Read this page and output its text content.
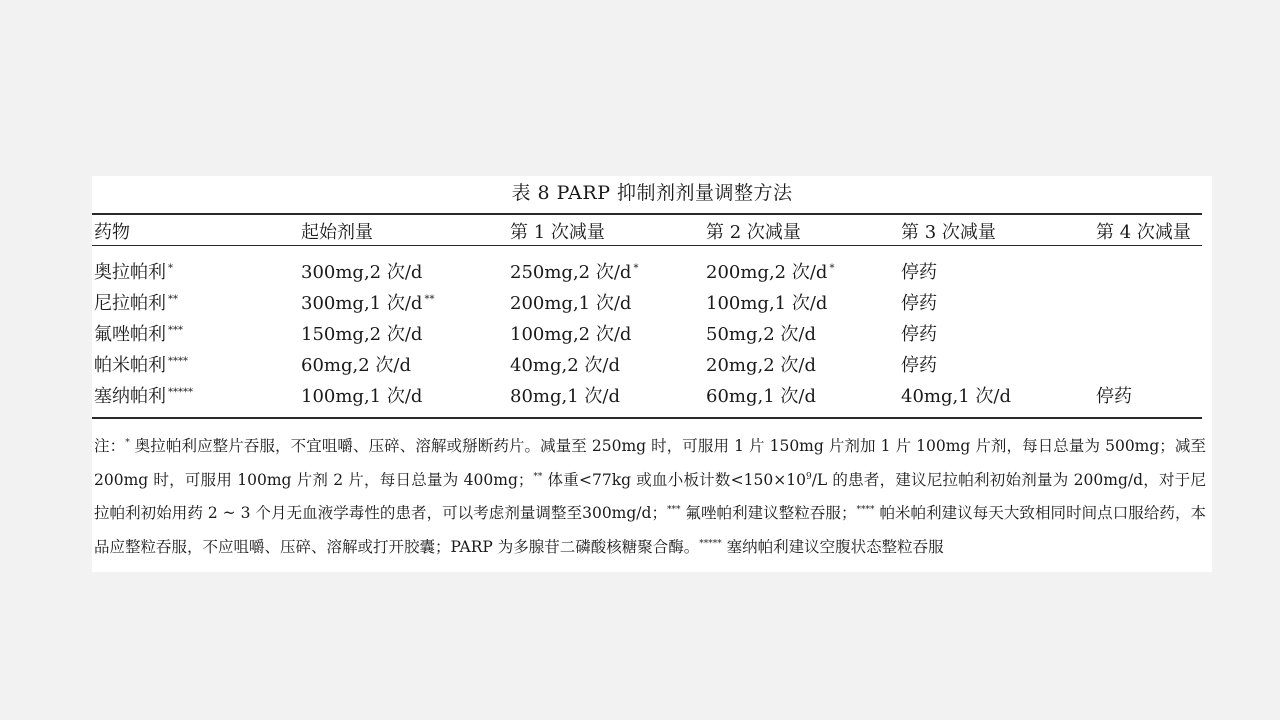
表 8 PARP 抑制剂剂量调整方法
药物	起始剂量	第 1 次减量	第 2 次减量	第 3 次减量	第 4 次减量
奥拉帕利 *	300mg,2 次/d	250mg,2 次/d *	200mg,2 次/d *	停药
尼拉帕利 **	300mg,1 次/d **	200mg,1 次/d	100mg,1 次/d	停药
氟唑帕利 ***	150mg,2 次/d	100mg,2 次/d	50mg,2 次/d	停药
帕米帕利 ****	60mg,2 次/d	40mg,2 次/d	20mg,2 次/d	停药
塞纳帕利 *****	100mg,1 次/d	80mg,1 次/d	60mg,1 次/d	40mg,1 次/d	停药
注：* 奥拉帕利应整片吞服，不宜咀嚼、压碎、溶解或掰断药片。减量至 250mg 时，可服用 1 片 150mg 片剂加 1 片 100mg 片剂，每日总量为 500mg；减至 200mg 时，可服用 100mg 片剂 2 片，每日总量为 400mg；** 体重<77kg 或血小板计数$<150\times 10^9/L$ 的患者，建议尼拉帕利初始剂量为 200mg/d，对于尼拉帕利初始用药 2 ~ 3 个月无血液学毒性的患者，可以考虑剂量调整至300mg/d；*** 氟唑帕利建议整粒吞服；**** 帕米帕利建议每天大致相同时间点口服给药，本品应整粒吞服，不应咀嚼、压碎、溶解或打开胶囊；PARP 为多腺苷二磷酸核糖聚合酶。***** 塞纳帕利建议空腹状态整粒吞服
